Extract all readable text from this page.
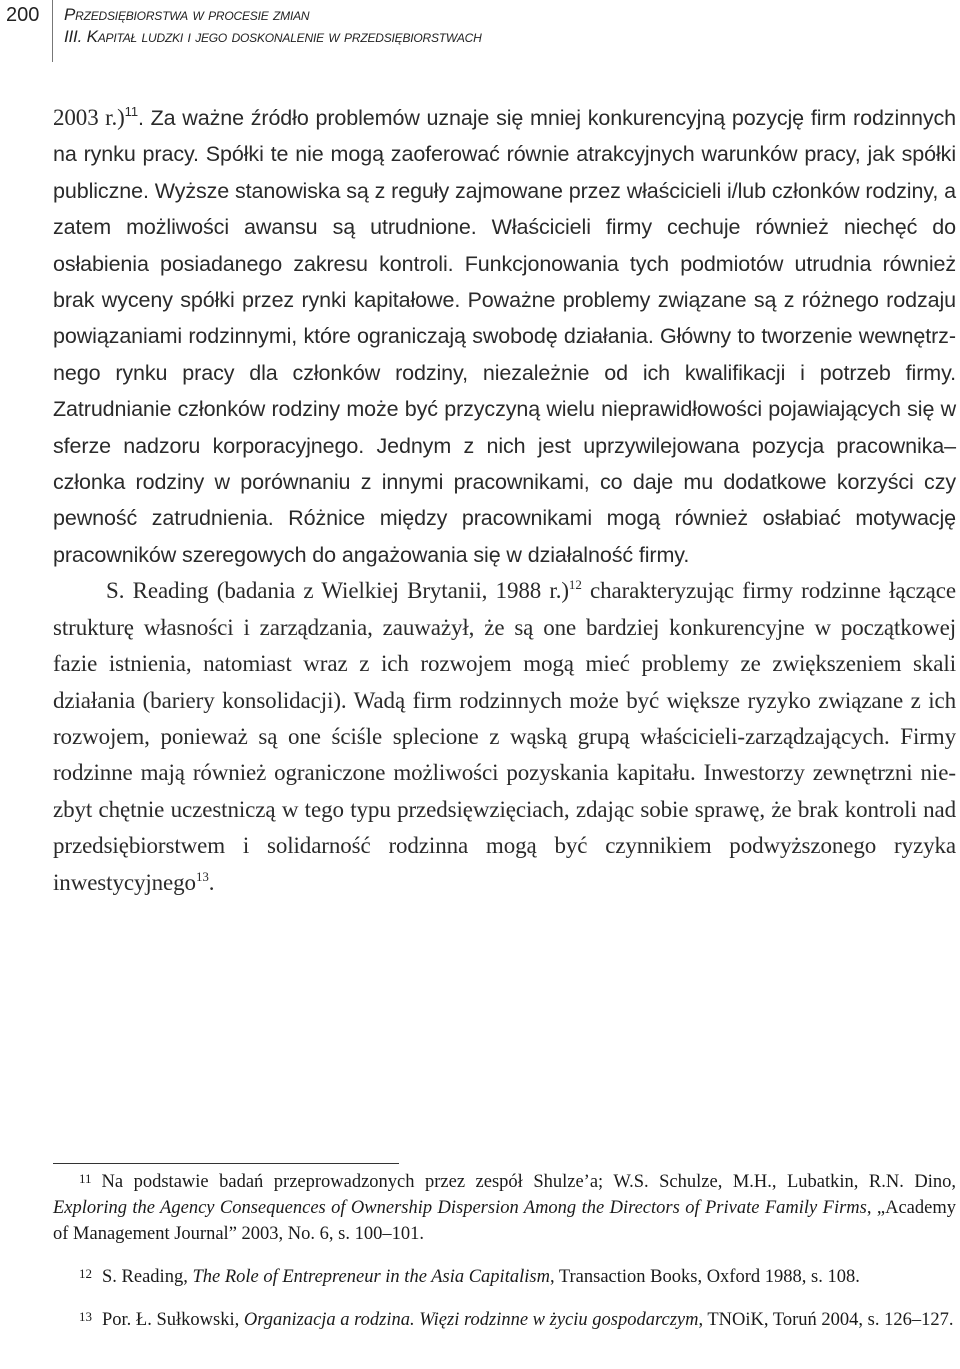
200 Przedsiębiorstwa w procesie zmian
III. Kapitał ludzki i jego doskonalenie w przedsiębiorstwach

2003 r.)$^{11}$. Za ważne źródło problemów uznaje się mniej konkurencyjną pozycję firm rodzinnych na rynku pracy. Spółki te nie mogą zaoferować równie atrakcyjnych warunków pracy, jak spółki publiczne. Wyższe stanowiska są z reguły zajmowane przez właścicieli i/lub członków rodziny, a zatem możliwości awansu są utrudnione. Właścicieli firmy cechuje również niechęć do osłabienia posiadanego zakresu kontroli. Funkcjonowania tych podmiotów utrudnia również brak wyceny spółki przez rynki kapitałowe. Poważne problemy związane są z różnego rodzaju powiązaniami rodzinnymi, które ograniczają swobodę działania. Główny to tworzenie wewnętrznego rynku pracy dla członków rodziny, niezależnie od ich kwalifikacji i potrzeb firmy. Zatrudnianie członków rodziny może być przyczyną wielu nieprawidłowości pojawiających się w sferze nadzoru korporacyjnego. Jednym z nich jest uprzywilejowana pozycja pracownika–członka rodziny w porównaniu z innymi pracownikami, co daje mu dodatkowe korzyści czy pewność zatrudnienia. Różnice między pracownikami mogą również osłabiać motywację pracowników szeregowych do angażowania się w działalność firmy.

S. Reading (badania z Wielkiej Brytanii, 1988 r.)$^{12}$ charakteryzując firmy rodzinne łączące strukturę własności i zarządzania, zauważył, że są one bardziej konkurencyjne w początkowej fazie istnienia, natomiast wraz z ich rozwojem mogą mieć problemy ze zwiększeniem skali działania (bariery konsolidacji). Wadą firm rodzinnych może być większe ryzyko związane z ich rozwojem, ponieważ są one ściśle splecione z wąską grupą właścicieli-zarządzających. Firmy rodzinne mają również ograniczone możliwości pozyskania kapitału. Inwestorzy zewnętrzni niezbyt chętnie uczestniczą w tego typu przedsięwzięciach, zdając sobie sprawę, że brak kontroli nad przedsiębiorstwem i solidarność rodzinna mogą być czynnikiem podwyższonego ryzyka inwestycyjnego$^{13}$.

$^{11}$ Na podstawie badań przeprowadzonych przez zespół Shulze’a; W.S. Schulze, M.H., Lubatkin, R.N. Dino, Exploring the Agency Consequences of Ownership Dispersion Among the Directors of Private Family Firms, „Academy of Management Journal” 2003, No. 6, s. 100–101.

$^{12}$ S. Reading, The Role of Entrepreneur in the Asia Capitalism, Transaction Books, Oxford 1988, s. 108.

$^{13}$ Por. Ł. Sułkowski, Organizacja a rodzina. Więzi rodzinne w życiu gospodarczym, TNOiK, Toruń 2004, s. 126–127.
